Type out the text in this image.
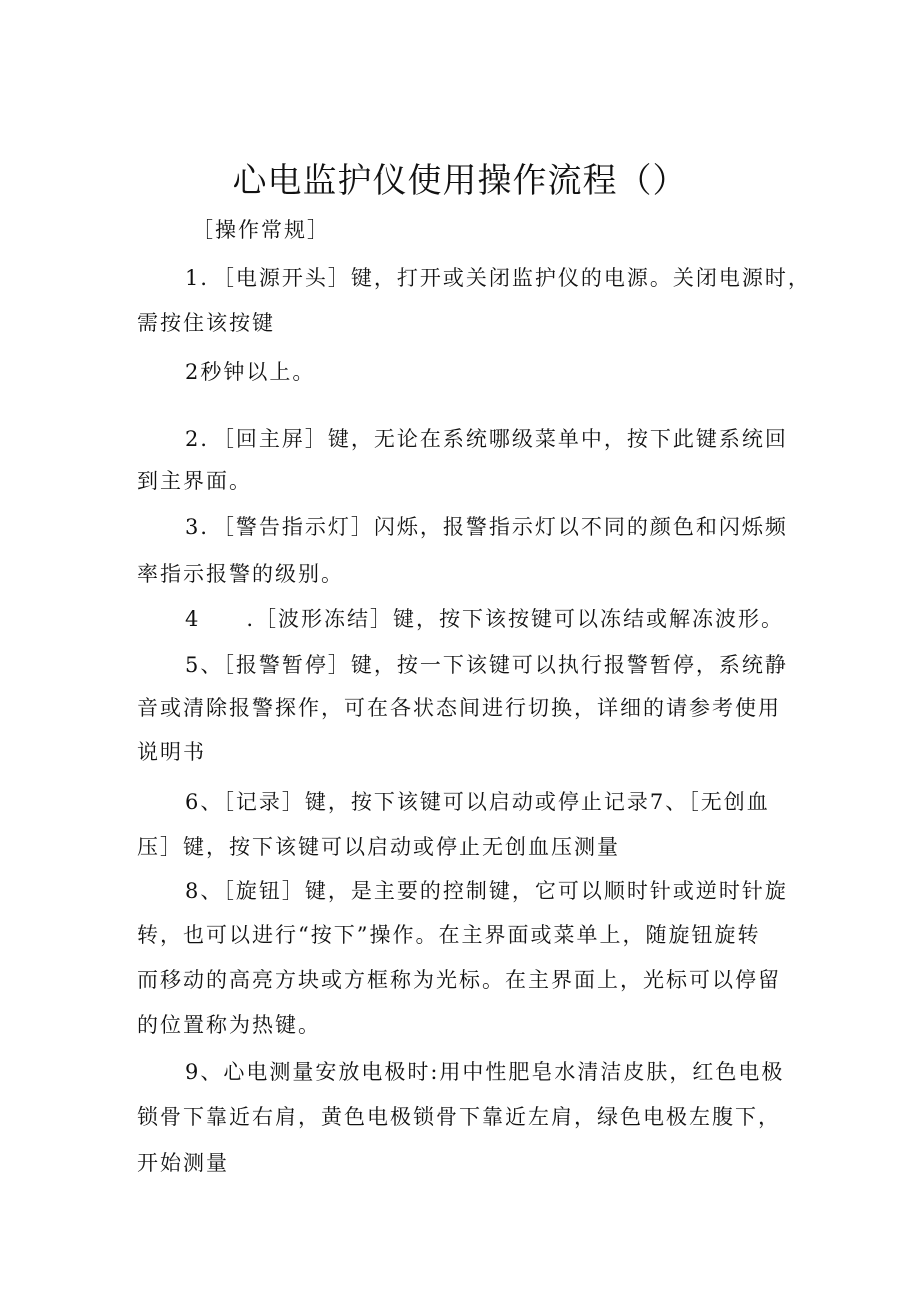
心电监护仪使用操作流程（）
［操作常规］
1．［电源开头］键，打开或关闭监护仪的电源。关闭电源时，
需按住该按键
2秒钟以上。
2．［回主屏］键，无论在系统哪级菜单中，按下此键系统回
到主界面。
3．［警告指示灯］闪烁，报警指示灯以不同的颜色和闪烁频
率指示报警的级别。
4　　.［波形冻结］键，按下该按键可以冻结或解冻波形。
5、［报警暂停］键，按一下该键可以执行报警暂停，系统静
音或清除报警探作，可在各状态间进行切换，详细的请参考使用
说明书
6、［记录］键，按下该键可以启动或停止记录7、［无创血
压］键，按下该键可以启动或停止无创血压测量
8、［旋钮］键，是主要的控制键，它可以顺时针或逆时针旋
转，也可以进行“按下”操作。在主界面或菜单上，随旋钮旋转
而移动的高亮方块或方框称为光标。在主界面上，光标可以停留
的位置称为热键。
9、心电测量安放电极时:用中性肥皂水清洁皮肤，红色电极
锁骨下靠近右肩，黄色电极锁骨下靠近左肩，绿色电极左腹下，
开始测量
